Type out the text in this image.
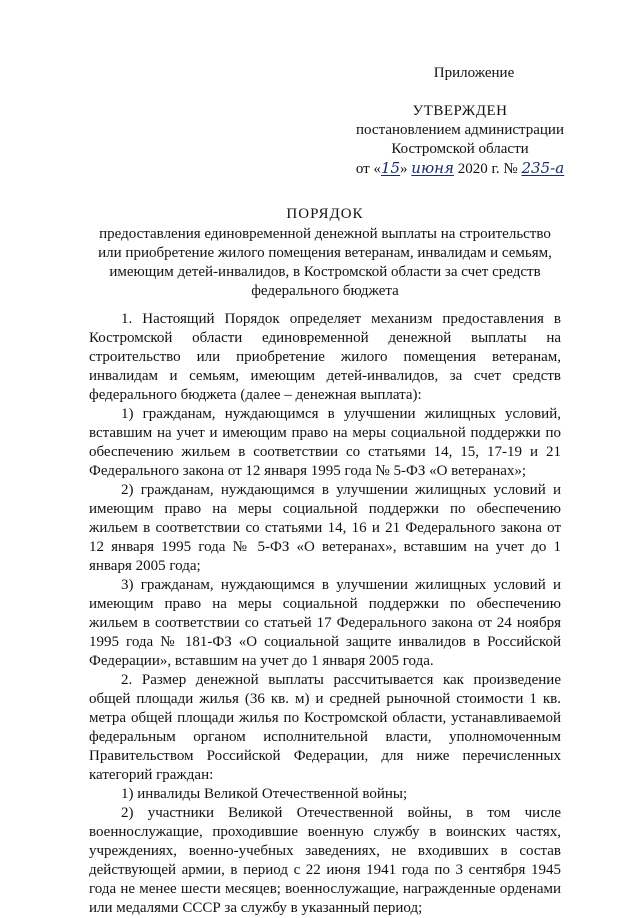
Приложение
УТВЕРЖДЕН
постановлением администрации
Костромской области
от «15» июня 2020 г. № 235-а
ПОРЯДОК
предоставления единовременной денежной выплаты на строительство
или приобретение жилого помещения ветеранам, инвалидам и семьям,
имеющим детей-инвалидов, в Костромской области за счет средств
федерального бюджета

1. Настоящий Порядок определяет механизм предоставления в Костромской области единовременной денежной выплаты на строительство или приобретение жилого помещения ветеранам, инвалидам и семьям, имеющим детей-инвалидов, за счет средств федерального бюджета (далее – денежная выплата):

1) гражданам, нуждающимся в улучшении жилищных условий, вставшим на учет и имеющим право на меры социальной поддержки по обеспечению жильем в соответствии со статьями 14, 15, 17-19 и 21 Федерального закона от 12 января 1995 года № 5-ФЗ «О ветеранах»;

2) гражданам, нуждающимся в улучшении жилищных условий и имеющим право на меры социальной поддержки по обеспечению жильем в соответствии со статьями 14, 16 и 21 Федерального закона от 12 января 1995 года № 5-ФЗ «О ветеранах», вставшим на учет до 1 января 2005 года;

3) гражданам, нуждающимся в улучшении жилищных условий и имеющим право на меры социальной поддержки по обеспечению жильем в соответствии со статьей 17 Федерального закона от 24 ноября 1995 года № 181-ФЗ «О социальной защите инвалидов в Российской Федерации», вставшим на учет до 1 января 2005 года.

2. Размер денежной выплаты рассчитывается как произведение общей площади жилья (36 кв. м) и средней рыночной стоимости 1 кв. метра общей площади жилья по Костромской области, устанавливаемой федеральным органом исполнительной власти, уполномоченным Правительством Российской Федерации, для ниже перечисленных категорий граждан:

1) инвалиды Великой Отечественной войны;

2) участники Великой Отечественной войны, в том числе военнослужащие, проходившие военную службу в воинских частях, учреждениях, военно-учебных заведениях, не входивших в состав действующей армии, в период с 22 июня 1941 года по 3 сентября 1945 года не менее шести месяцев; военнослужащие, награжденные орденами или медалями СССР за службу в указанный период;
